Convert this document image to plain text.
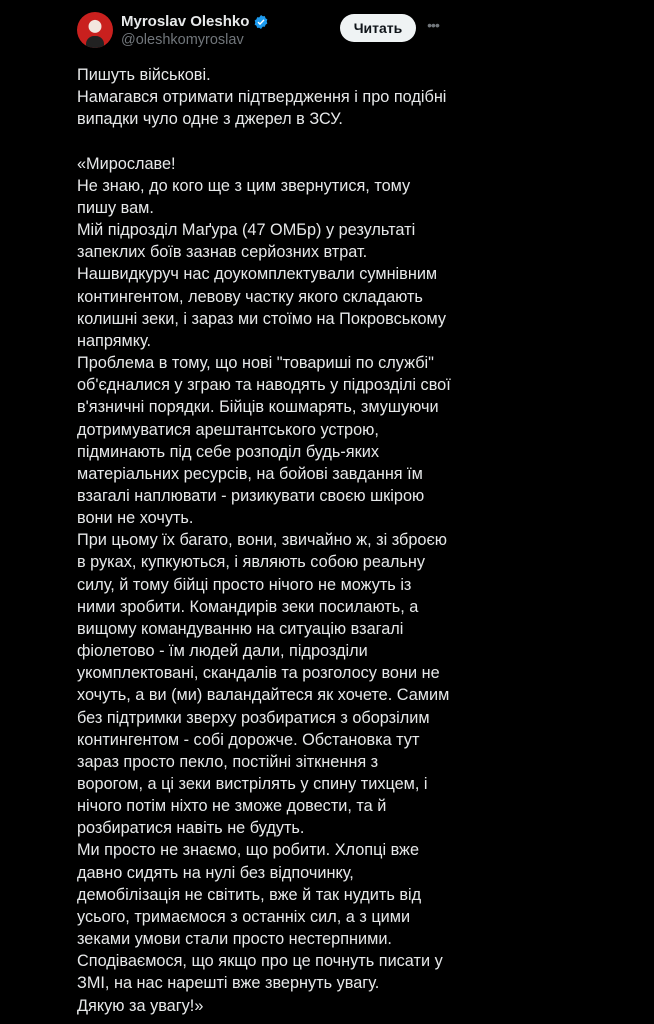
Myroslav Oleshko
@oleshkomyroslav
Читать	•••
Пишуть військові.
Намагався отримати підтвердження і про подібні
випадки чуло одне з джерел в ЗСУ.
«Мирославе!
Не знаю, до кого ще з цим звернутися, тому
пишу вам.
Мій підрозділ Маґура (47 ОМБр) у результаті
запеклих боїв зазнав серйозних втрат.
Нашвидкуруч нас доукомплектували сумнівним
контингентом, левову частку якого складають
колишні зеки, і зараз ми стоїмо на Покровському
напрямку.
Проблема в тому, що нові "товариші по службі"
об'єдналися у зграю та наводять у підрозділі свої
в'язничні порядки. Бійців кошмарять, змушуючи
дотримуватися арештантського устрою,
підминають під себе розподіл будь-яких
матеріальних ресурсів, на бойові завдання їм
взагалі наплювати - ризикувати своєю шкірою
вони не хочуть.
При цьому їх багато, вони, звичайно ж, зі зброєю
в руках, купкуються, і являють собою реальну
силу, й тому бійці просто нічого не можуть із
ними зробити. Командирів зеки посилають, а
вищому командуванню на ситуацію взагалі
фіолетово - їм людей дали, підрозділи
укомплектовані, скандалів та розголосу вони не
хочуть, а ви (ми) валандайтеся як хочете. Самим
без підтримки зверху розбиратися з оборзілим
контингентом - собі дорожче. Обстановка тут
зараз просто пекло, постійні зіткнення з
ворогом, а ці зеки вистрілять у спину тихцем, і
нічого потім ніхто не зможе довести, та й
розбиратися навіть не будуть.
Ми просто не знаємо, що робити. Хлопці вже
давно сидять на нулі без відпочинку,
демобілізація не світить, вже й так нудить від
усього, тримаємося з останніх сил, а з цими
зеками умови стали просто нестерпними.
Сподіваємося, що якщо про це почнуть писати у
ЗМІ, на нас нарешті вже звернуть увагу.
Дякую за увагу!»
